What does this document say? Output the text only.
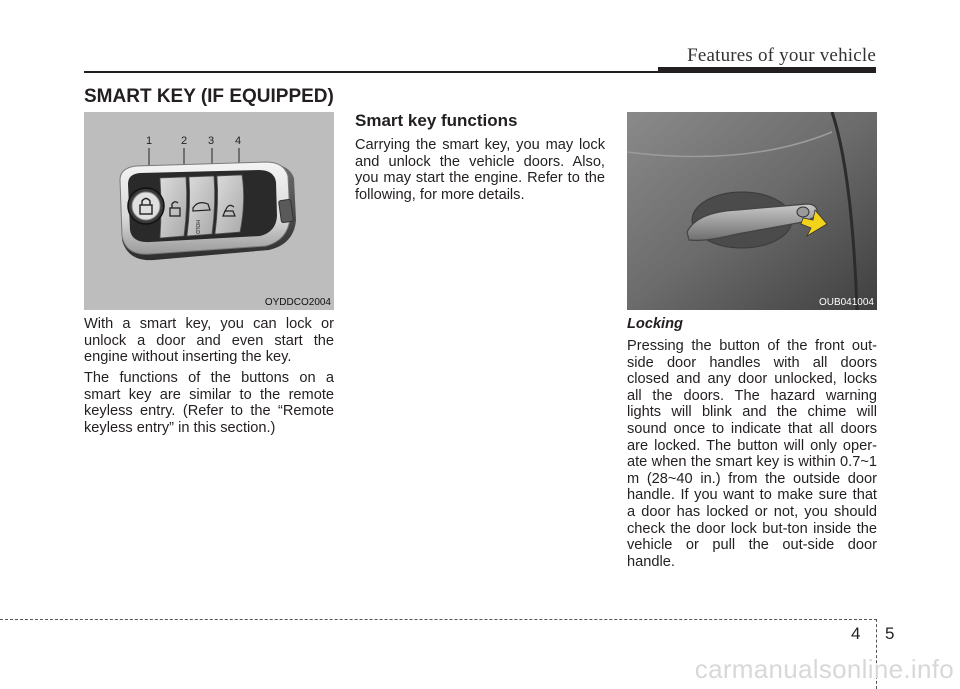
Features of your vehicle
SMART KEY (IF EQUIPPED)
HOLD
1	2 3 4
OYDDCO2004
With a smart key, you can lock or unlock a door and even start the engine without inserting the key.
The functions of the buttons on a smart key are similar to the remote keyless entry. (Refer to the “Remote keyless entry” in this section.)
Smart key functions
Carrying the smart key, you may lock and unlock the vehicle doors. Also, you may start the engine. Refer to the following, for more details.
OUB041004
Locking
Pressing the button of the front out-side door handles with all doors closed and any door unlocked, locks all the doors. The hazard warning lights will blink and the chime will sound once to indicate that all doors are locked. The button will only oper-ate when the smart key is within 0.7~1 m (28~40 in.) from the outside door handle. If you want to make sure that a door has locked or not, you should check the door lock but-ton inside the vehicle or pull the out-side door handle.
4 5
carmanualsonline.info
